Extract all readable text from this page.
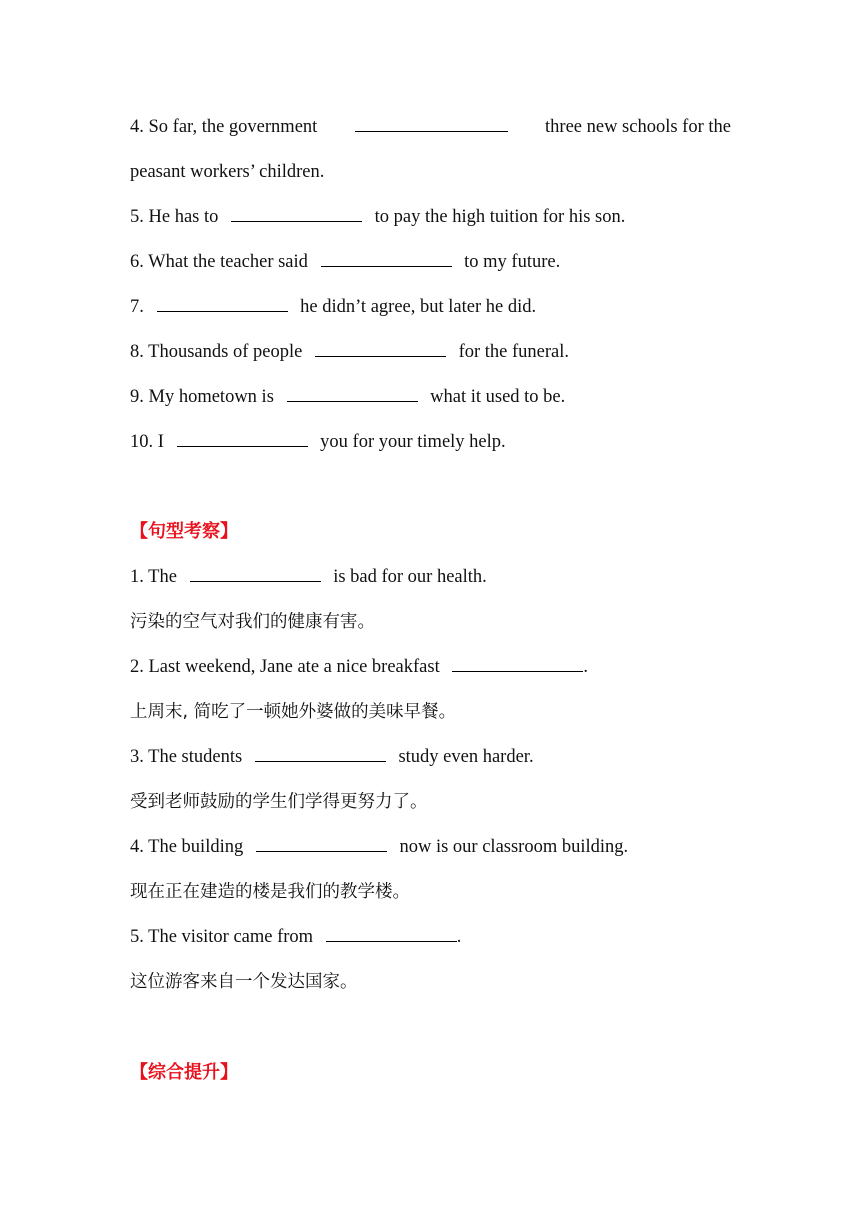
4. So far, the government	three new schools for the
peasant workers’ children.
5. He has to	to pay the high tuition for his son.
6. What the teacher said	to my future.
7.	he didn’t agree, but later he did.
8. Thousands of people	for the funeral.
9. My hometown is	what it used to be.
10. I	you for your timely help.
【句型考察】
1. The	is bad for our health.
污染的空气对我们的健康有害。
2. Last weekend, Jane ate a nice breakfast	.
上周末, 简吃了一顿她外婆做的美味早餐。
3. The students	study even harder.
受到老师鼓励的学生们学得更努力了。
4. The building	now is our classroom building.
现在正在建造的楼是我们的教学楼。
5. The visitor came from	.
这位游客来自一个发达国家。
【综合提升】
